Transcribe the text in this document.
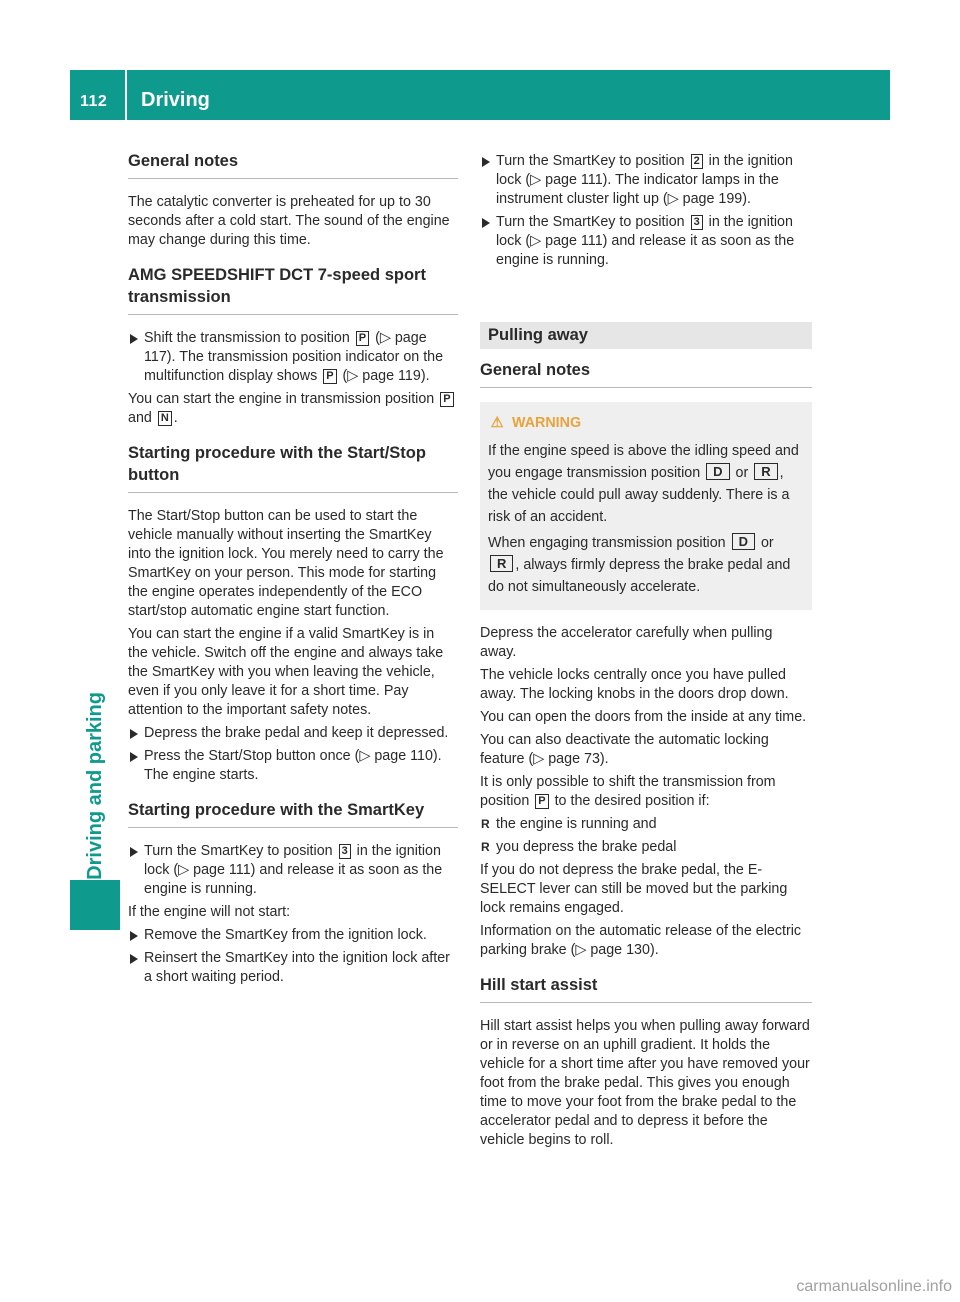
112	Driving
Driving and parking
General notes

The catalytic converter is preheated for up to 30 seconds after a cold start. The sound of the engine may change during this time.

AMG SPEEDSHIFT DCT 7-speed sport transmission

Shift the transmission to position P (▷ page 117). The transmission position indicator on the multifunction display shows P (▷ page 119).

You can start the engine in transmission position P and N .

Starting procedure with the Start/Stop button

The Start/Stop button can be used to start the vehicle manually without inserting the SmartKey into the ignition lock. You merely need to carry the SmartKey on your person. This mode for starting the engine operates independently of the ECO start/stop automatic engine start function.

You can start the engine if a valid SmartKey is in the vehicle. Switch off the engine and always take the SmartKey with you when leaving the vehicle, even if you only leave it for a short time. Pay attention to the important safety notes.

Depress the brake pedal and keep it depressed.

Press the Start/Stop button once (▷ page 110). The engine starts.

Starting procedure with the SmartKey

Turn the SmartKey to position 3 in the ignition lock (▷ page 111) and release it as soon as the engine is running.

If the engine will not start:

Remove the SmartKey from the ignition lock.

Reinsert the SmartKey into the ignition lock after a short waiting period.

Turn the SmartKey to position 2 in the ignition lock (▷ page 111). The indicator lamps in the instrument cluster light up (▷ page 199).

Turn the SmartKey to position 3 in the ignition lock (▷ page 111) and release it as soon as the engine is running.

Pulling away
General notes
⚠ WARNING

If the engine speed is above the idling speed and you engage transmission position D or R , the vehicle could pull away suddenly. There is a risk of an accident.

When engaging transmission position D or R , always firmly depress the brake pedal and do not simultaneously accelerate.

Depress the accelerator carefully when pulling away.

The vehicle locks centrally once you have pulled away. The locking knobs in the doors drop down.

You can open the doors from the inside at any time.

You can also deactivate the automatic locking feature (▷ page 73).

It is only possible to shift the transmission from position P to the desired position if:

R the engine is running and

R you depress the brake pedal

If you do not depress the brake pedal, the E-SELECT lever can still be moved but the parking lock remains engaged.

Information on the automatic release of the electric parking brake (▷ page 130).

Hill start assist

Hill start assist helps you when pulling away forward or in reverse on an uphill gradient. It holds the vehicle for a short time after you have removed your foot from the brake pedal. This gives you enough time to move your foot from the brake pedal to the accelerator pedal and to depress it before the vehicle begins to roll.

carmanualsonline.info
